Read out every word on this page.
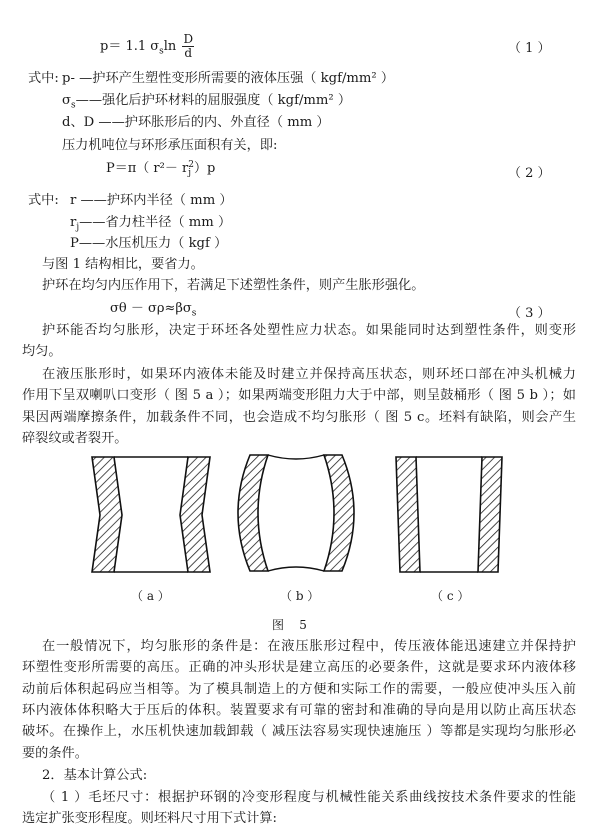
p＝ 1.1 $\sigma_s\ln \frac{D}{d}$	（ 1 ）
式中: p- —护环产生塑性变形所需要的液体压强（ kgf/mm² ）
$\sigma_s——$强化后护环材料的屈服强度（ kgf/mm² ）
d、D ——护环胀形后的内、外直径（ mm ）
压力机吨位与环形承压面积有关，即:
P＝π（ r²－ r 2
j ）p	（ 2 ）
式中: r ——护环内半径（ mm ）
$r_j——$省力柱半径（ mm ）
P——水压机压力（ kgf ）
与图 1 结构相比，要省力。
护环在均匀内压作用下，若满足下述塑性条件，则产生胀形强化。
$\sigma\theta - \sigma\rho\approx\beta\sigma_s$	（ 3 ）
护环能否均匀胀形，决定于环坯各处塑性应力状态。如果能同时达到塑性条件，则变形
均匀。
在液压胀形时，如果环内液体未能及时建立并保持高压状态，则环坯口部在冲头机械力
作用下呈双喇叭口变形（ 图 5 a ）；如果两端变形阻力大于中部，则呈鼓桶形（ 图 5 b ）；如
果因两端摩擦条件，加载条件不同，也会造成不均匀胀形（ 图 5 c。坯料有缺陷，则会产生
碎裂纹或者裂开。
（ a ）	（ b ）	（ c ）
图    5
在一般情况下，均匀胀形的条件是：在液压胀形过程中，传压液体能迅速建立并保持护
环塑性变形所需要的高压。正确的冲头形状是建立高压的必要条件，这就是要求环内液体移
动前后体积起码应当相等。为了模具制造上的方便和实际工作的需要，一般应使冲头压入前
环内液体体积略大于压后的体积。装置要求有可靠的密封和准确的导向是用以防止高压状态
破坏。在操作上，水压机快速加载卸载（ 减压法容易实现快速施压 ）等都是实现均匀胀形必
要的条件。
2．基本计算公式:
（ 1 ）毛坯尺寸：根据护环钢的冷变形程度与机械性能关系曲线按技术条件要求的性能
选定扩张变形程度。则坯料尺寸用下式计算:
